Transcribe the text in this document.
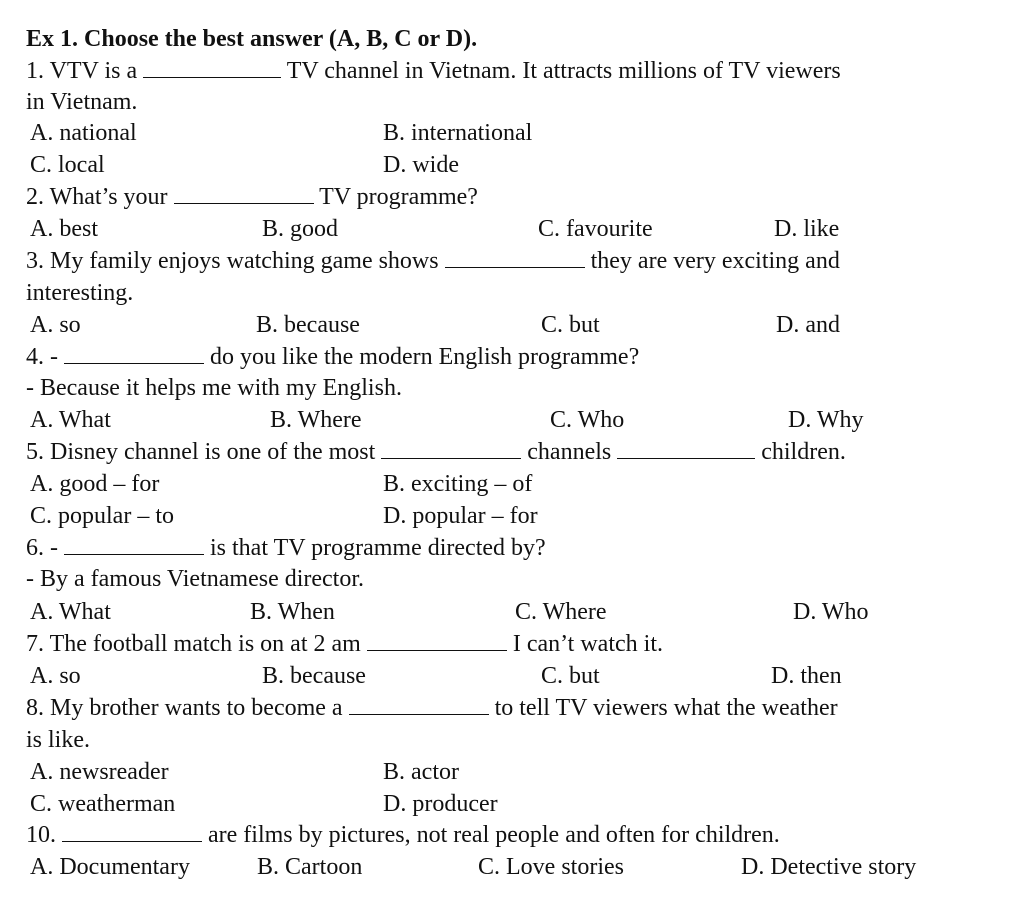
Ex 1. Choose the best answer (A, B, C or D).
1. VTV is a	TV channel in Vietnam. It attracts millions of TV viewers
in Vietnam.
A. national	B. international
C. local	D. wide
2. What’s your	TV programme?
A. best	B. good	C. favourite	D. like
3. My family enjoys watching game shows	they are very exciting and
interesting.
A. so	B. because	C. but	D. and
4. -	do you like the modern English programme?
- Because it helps me with my English.
A. What	B. Where	C. Who	D. Why
5. Disney channel is one of the most	channels	children.
A. good – for	B. exciting – of
C. popular – to	D. popular – for
6. -	is that TV programme directed by?
- By a famous Vietnamese director.
A. What	B. When	C. Where	D. Who
7. The football match is on at 2 am	I can’t watch it.
A. so	B. because	C. but	D. then
8. My brother wants to become a	to tell TV viewers what the weather
is like.
A. newsreader	B. actor
C. weatherman	D. producer
10.	are films by pictures, not real people and often for children.
A. Documentary	B. Cartoon	C. Love stories	D. Detective story
